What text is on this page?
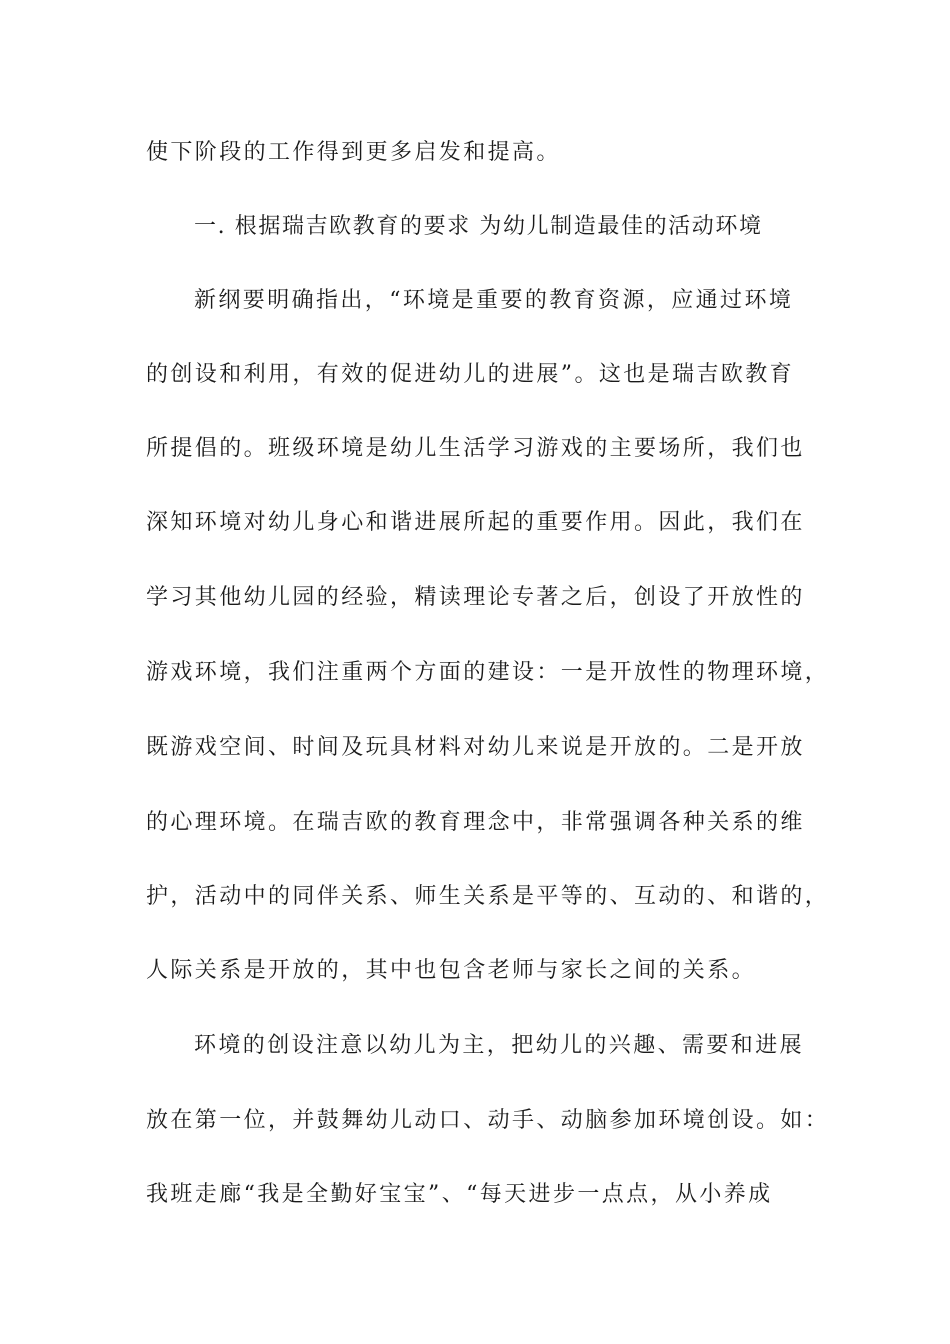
使下阶段的工作得到更多启发和提高。
一. 根据瑞吉欧教育的要求 为幼儿制造最佳的活动环境
新纲要明确指出，“环境是重要的教育资源，应通过环境
的创设和利用，有效的促进幼儿的进展”。这也是瑞吉欧教育
所提倡的。班级环境是幼儿生活学习游戏的主要场所，我们也
深知环境对幼儿身心和谐进展所起的重要作用。因此，我们在
学习其他幼儿园的经验，精读理论专著之后，创设了开放性的
游戏环境，我们注重两个方面的建设：一是开放性的物理环境，
既游戏空间、时间及玩具材料对幼儿来说是开放的。二是开放
的心理环境。在瑞吉欧的教育理念中，非常强调各种关系的维
护，活动中的同伴关系、师生关系是平等的、互动的、和谐的，
人际关系是开放的，其中也包含老师与家长之间的关系。
环境的创设注意以幼儿为主，把幼儿的兴趣、需要和进展
放在第一位，并鼓舞幼儿动口、动手、动脑参加环境创设。如：
我班走廊“我是全勤好宝宝”、“每天进步一点点，从小养成
